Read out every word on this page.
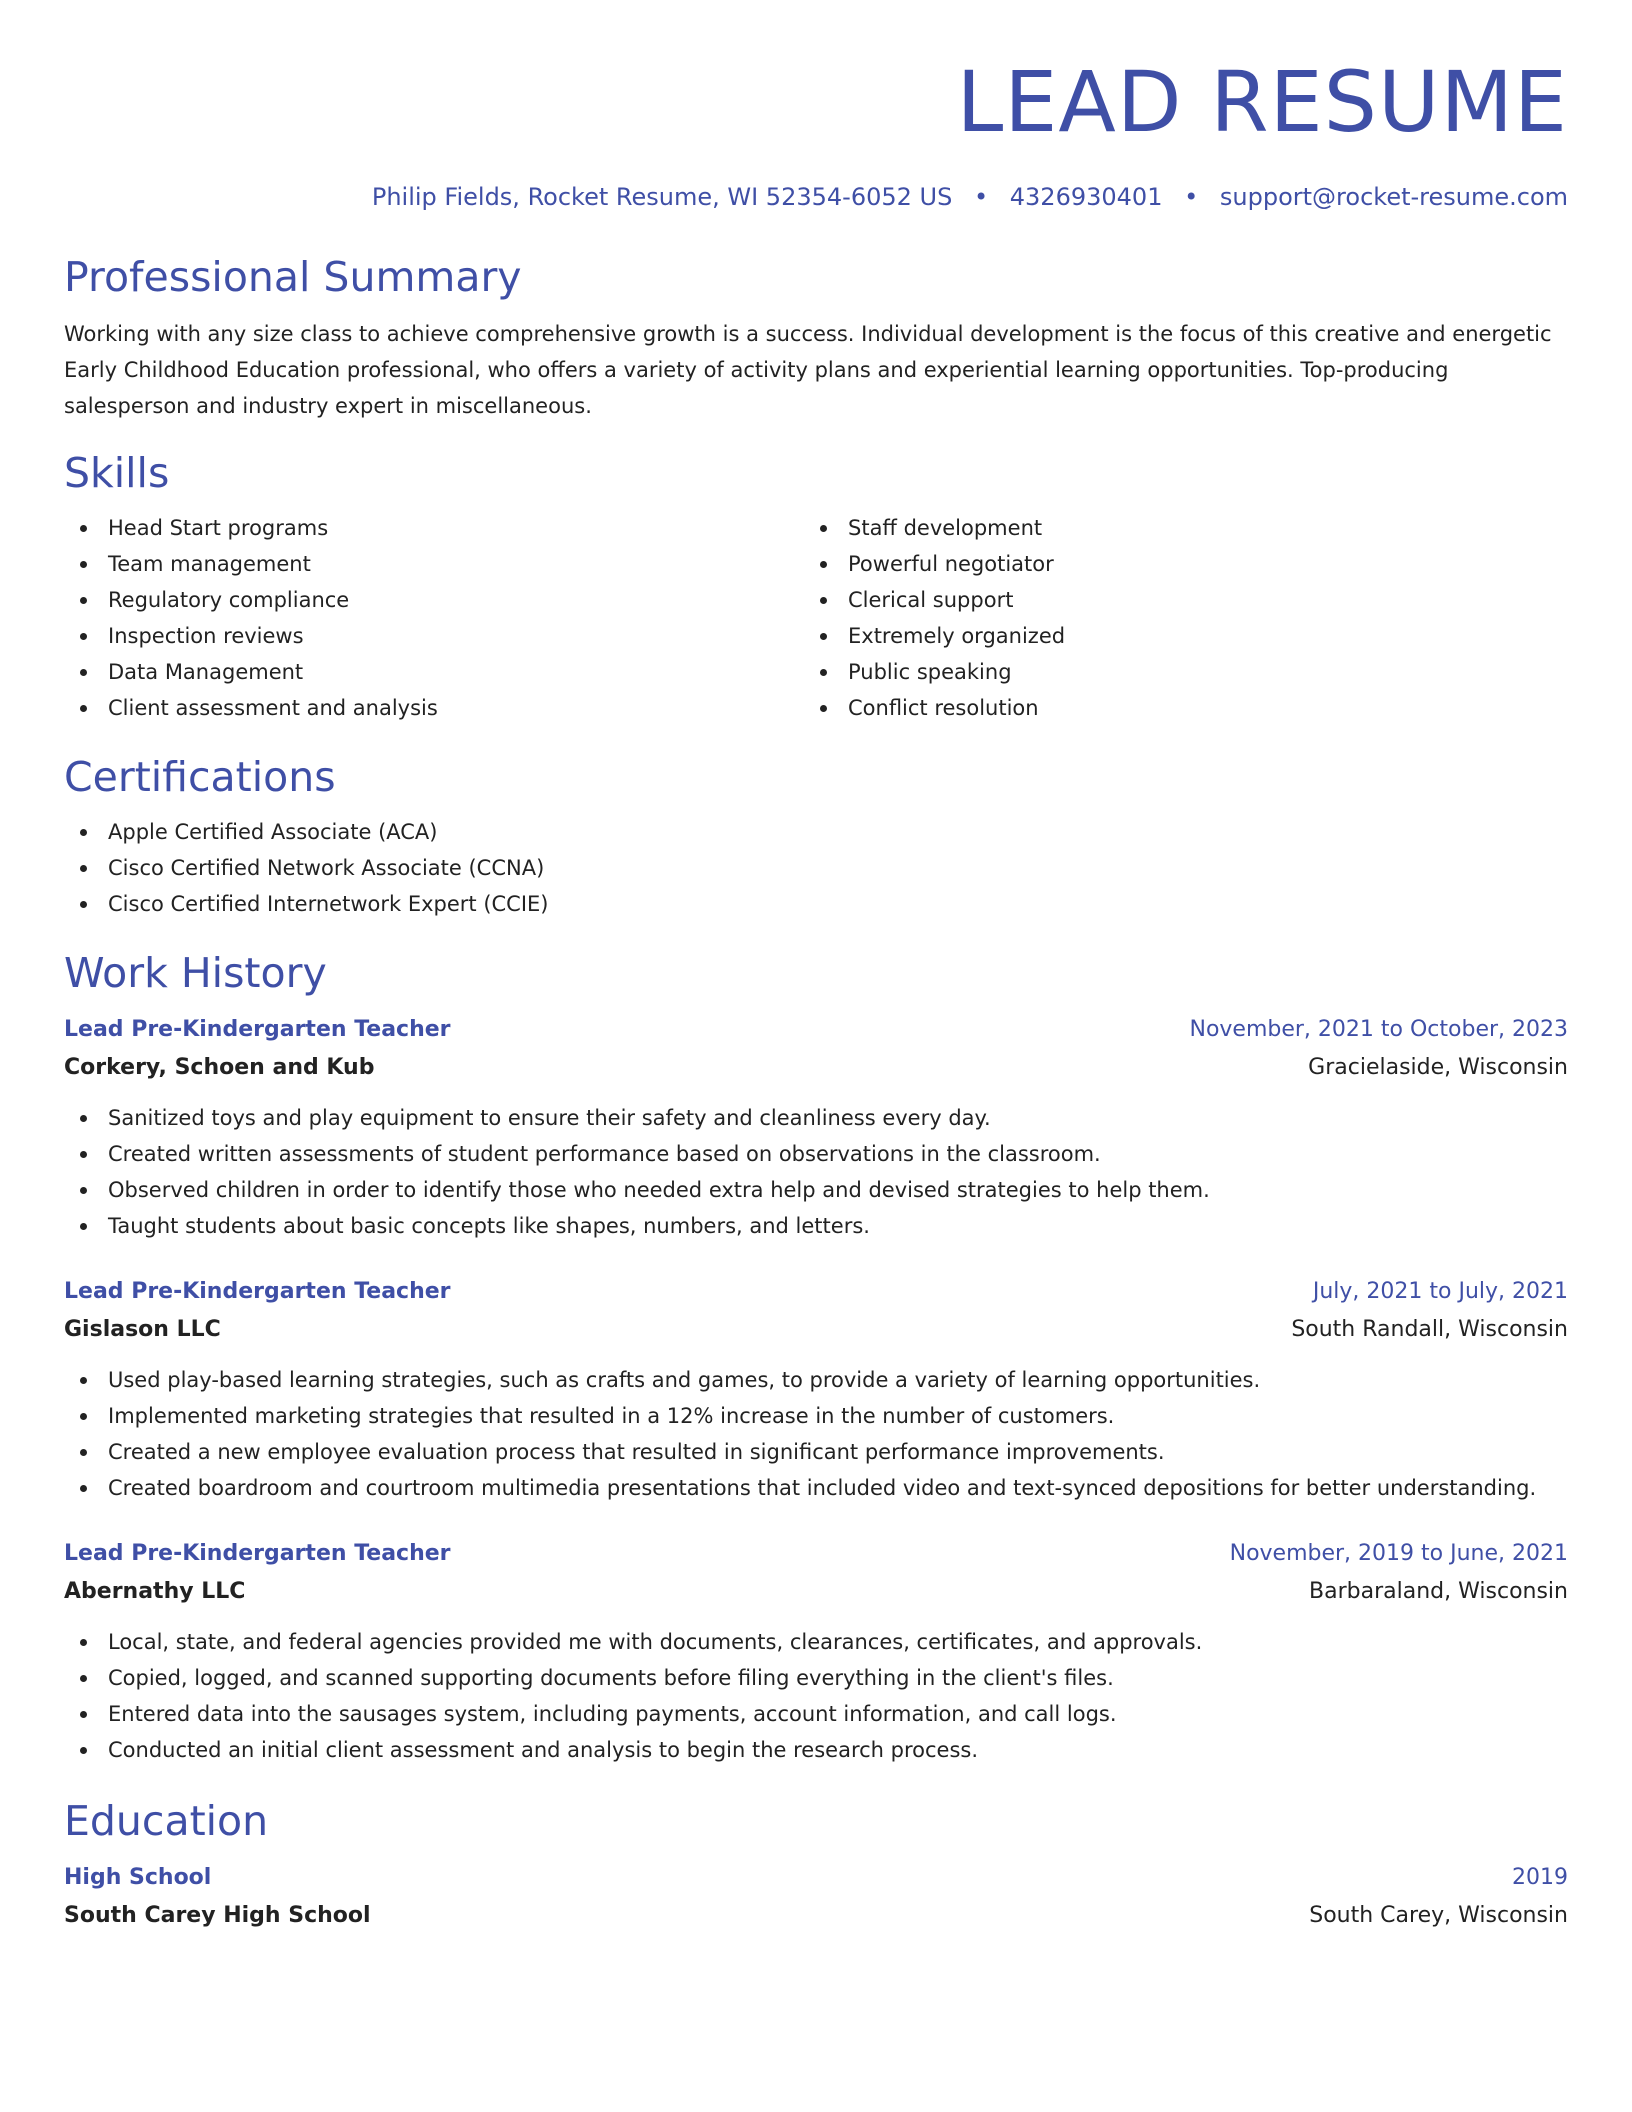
LEAD RESUME
Philip Fields, Rocket Resume, WI 52354-6052 US • 4326930401 • support@rocket-resume.com
Professional Summary

Working with any size class to achieve comprehensive growth is a success. Individual development is the focus of this creative and energetic Early Childhood Education professional, who offers a variety of activity plans and experiential learning opportunities. Top-producing salesperson and industry expert in miscellaneous.

Skills
Head Start programs
Team management
Regulatory compliance
Inspection reviews
Data Management
Client assessment and analysis
Staff development
Powerful negotiator
Clerical support
Extremely organized
Public speaking
Conflict resolution
Certifications
Apple Certified Associate (ACA)
Cisco Certified Network Associate (CCNA)
Cisco Certified Internetwork Expert (CCIE)
Work History
Lead Pre-Kindergarten Teacher	November, 2021 to October, 2023
Corkery, Schoen and Kub	Gracielaside, Wisconsin
Sanitized toys and play equipment to ensure their safety and cleanliness every day.
Created written assessments of student performance based on observations in the classroom.
Observed children in order to identify those who needed extra help and devised strategies to help them.
Taught students about basic concepts like shapes, numbers, and letters.
Lead Pre-Kindergarten Teacher	July, 2021 to July, 2021
Gislason LLC	South Randall, Wisconsin
Used play-based learning strategies, such as crafts and games, to provide a variety of learning opportunities.
Implemented marketing strategies that resulted in a 12% increase in the number of customers.
Created a new employee evaluation process that resulted in significant performance improvements.
Created boardroom and courtroom multimedia presentations that included video and text-synced depositions for better understanding.
Lead Pre-Kindergarten Teacher	November, 2019 to June, 2021
Abernathy LLC	Barbaraland, Wisconsin
Local, state, and federal agencies provided me with documents, clearances, certificates, and approvals.
Copied, logged, and scanned supporting documents before filing everything in the client's files.
Entered data into the sausages system, including payments, account information, and call logs.
Conducted an initial client assessment and analysis to begin the research process.
Education
High School	2019
South Carey High School	South Carey, Wisconsin
